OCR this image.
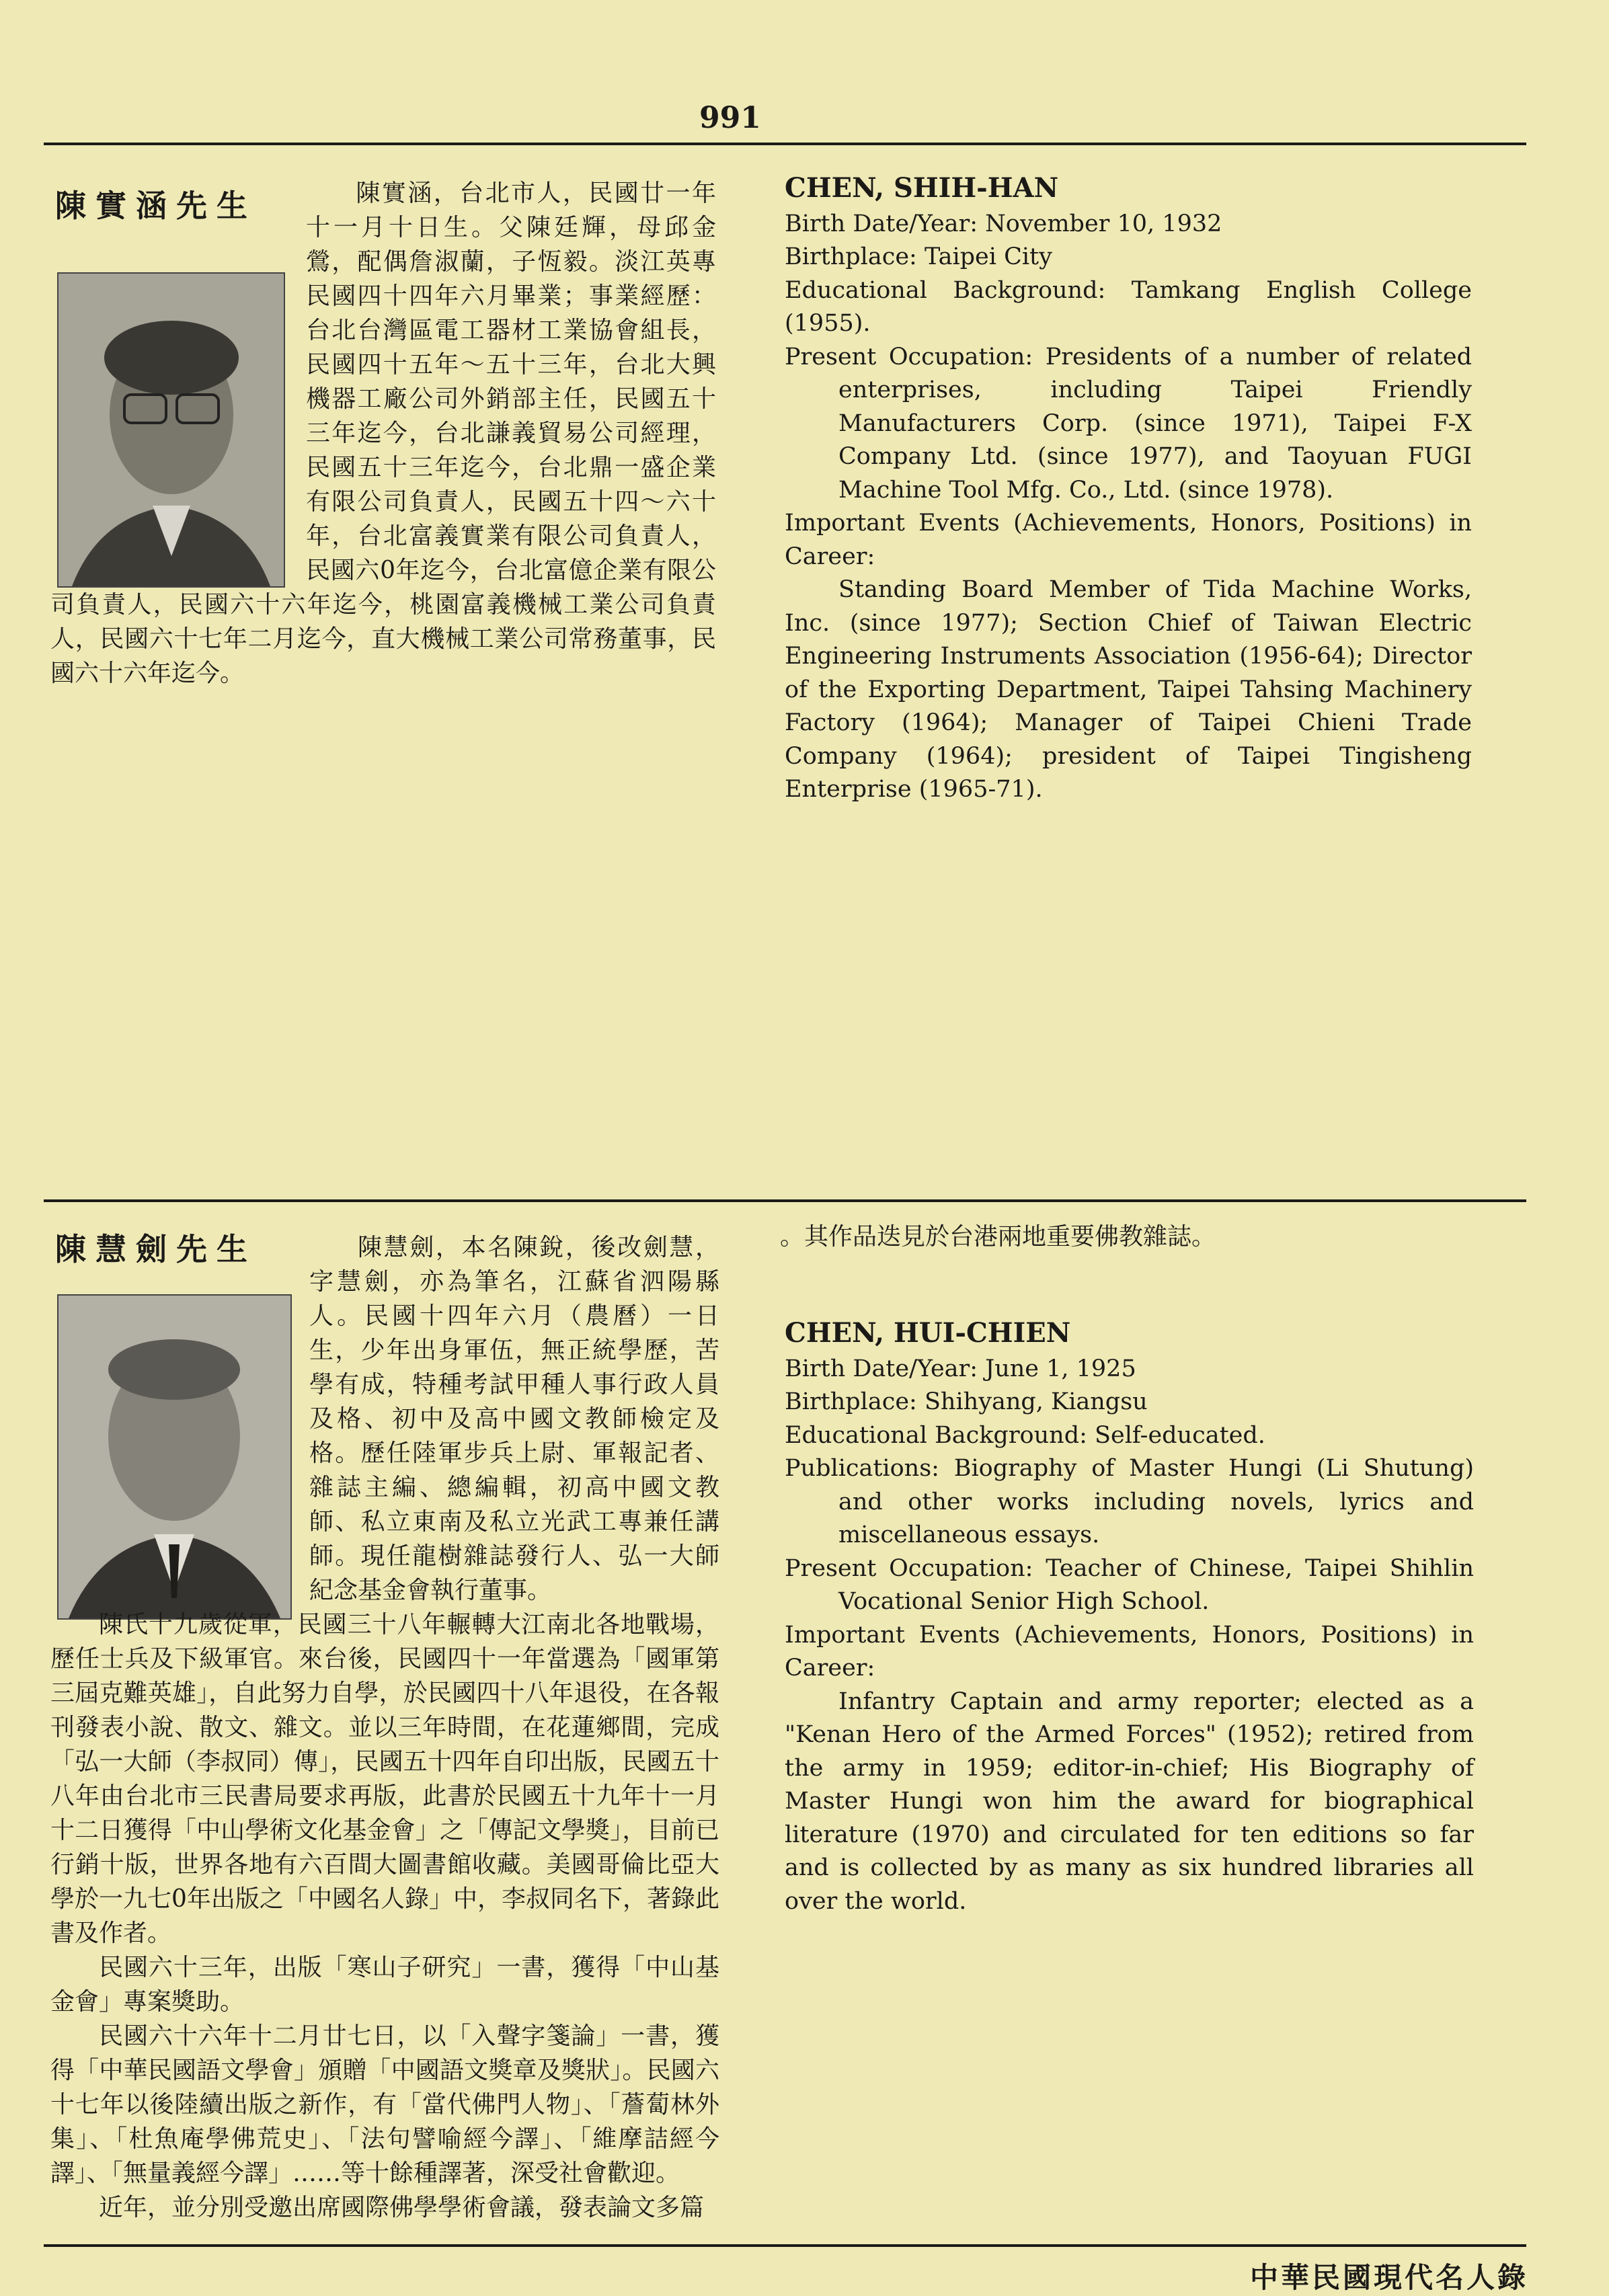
991
陳實涵先生	陳實涵，台北市人，民國廿一年十一月十日生。父陳廷輝，母邱金鶯，配偶詹淑蘭，子恆毅。淡江英專民國四十四年六月畢業；事業經歷：台北台灣區電工器材工業協會組長，民國四十五年～五十三年，台北大興機器工廠公司外銷部主任，民國五十三年迄今，台北謙義貿易公司經理，民國五十三年迄今，台北鼎一盛企業有限公司負責人，民國五十四～六十年，台北富義實業有限公司負責人，民國六0年迄今，台北富億企業有限公司負責人，民國六十六年迄今，桃園富義機械工業公司負責人，民國六十七年二月迄今，直大機械工業公司常務董事，民國六十六年迄今。

CHEN, SHIH-HAN

Birth Date/Year: November 10, 1932

Birthplace: Taipei City

Educational Background: Tamkang English College (1955).

Present Occupation: Presidents of a number of related enterprises, including Taipei Friendly Manufacturers Corp. (since 1971), Taipei F-X Company Ltd. (since 1977), and Taoyuan FUGI Machine Tool Mfg. Co., Ltd. (since 1978).

Important Events (Achievements, Honors, Positions) in Career:

Standing Board Member of Tida Machine Works, Inc. (since 1977); Section Chief of Taiwan Electric Engineering Instruments Association (1956-64); Director of the Exporting Department, Taipei Tahsing Machinery Factory (1964); Manager of Taipei Chieni Trade Company (1964); president of Taipei Tingisheng Enterprise (1965-71).

陳慧劍先生	陳慧劍，本名陳銳，後改劍慧，字慧劍，亦為筆名，江蘇省泗陽縣人。民國十四年六月（農曆）一日生，少年出身軍伍，無正統學歷，苦學有成，特種考試甲種人事行政人員及格、初中及高中國文教師檢定及格。歷任陸軍步兵上尉、軍報記者、雜誌主編、總編輯，初高中國文教師、私立東南及私立光武工專兼任講師。現任龍樹雜誌發行人、弘一大師紀念基金會執行董事。

陳氏十九歲從軍，民國三十八年輾轉大江南北各地戰場，歷任士兵及下級軍官。來台後，民國四十一年當選為「國軍第三屆克難英雄」，自此努力自學，於民國四十八年退役，在各報刊發表小說、散文、雜文。並以三年時間，在花蓮鄉間，完成「弘一大師（李叔同）傳」，民國五十四年自印出版，民國五十八年由台北市三民書局要求再版，此書於民國五十九年十一月十二日獲得「中山學術文化基金會」之「傳記文學獎」，目前已行銷十版，世界各地有六百間大圖書館收藏。美國哥倫比亞大學於一九七0年出版之「中國名人錄」中，李叔同名下，著錄此書及作者。

民國六十三年，出版「寒山子研究」一書，獲得「中山基金會」專案獎助。

民國六十六年十二月廿七日，以「入聲字箋論」一書，獲得「中華民國語文學會」頒贈「中國語文獎章及獎狀」。民國六十七年以後陸續出版之新作，有「當代佛門人物」、「薝蔔林外集」、「杜魚庵學佛荒史」、「法句譬喻經今譯」、「維摩詰經今譯」、「無量義經今譯」……等十餘種譯著，深受社會歡迎。

近年，並分別受邀出席國際佛學學術會議，發表論文多篇

。其作品迭見於台港兩地重要佛教雜誌。
CHEN, HUI-CHIEN

Birth Date/Year: June 1, 1925

Birthplace: Shihyang, Kiangsu

Educational Background: Self-educated.

Publications: Biography of Master Hungi (Li Shutung) and other works including novels, lyrics and miscellaneous essays.

Present Occupation: Teacher of Chinese, Taipei Shihlin Vocational Senior High School.

Important Events (Achievements, Honors, Positions) in Career:

Infantry Captain and army reporter; elected as a "Kenan Hero of the Armed Forces" (1952); retired from the army in 1959; editor-in-chief; His Biography of Master Hungi won him the award for biographical literature (1970) and circulated for ten editions so far and is collected by as many as six hundred libraries all over the world.

中華民國現代名人錄
